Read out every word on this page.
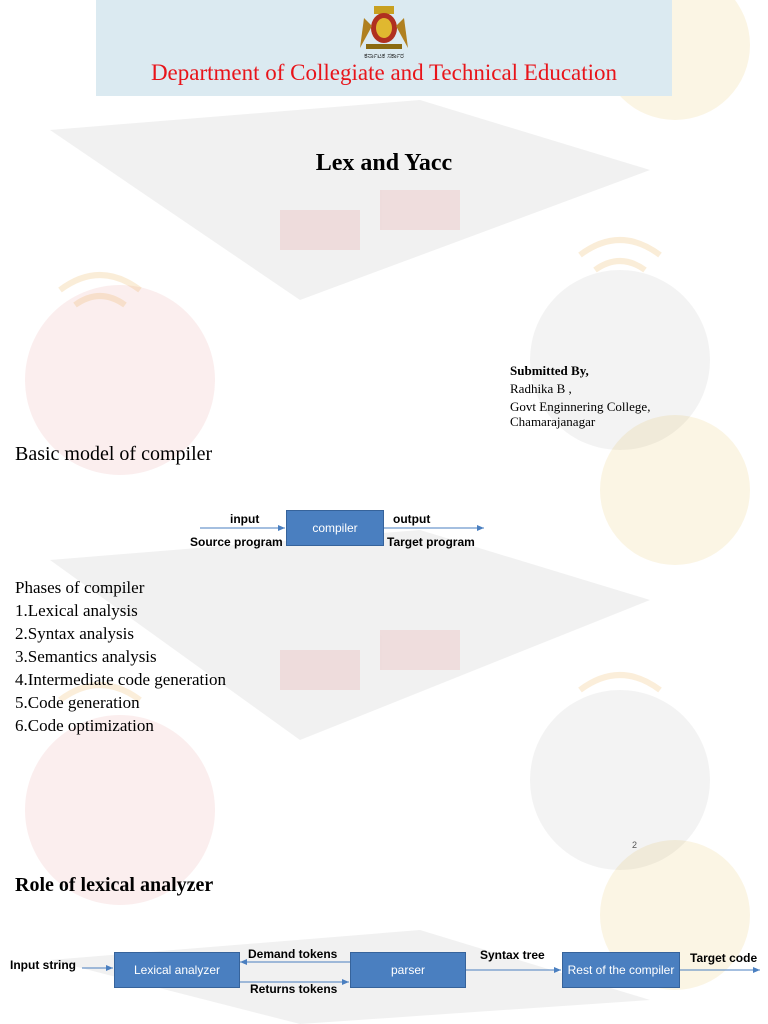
ಕರ್ನಾಟಕ ಸರ್ಕಾರ
Department of Collegiate and Technical Education
Lex and Yacc
Submitted By,
Radhika B ,
Govt Enginnering College,
Chamarajanagar
Basic model of compiler
input
Source program
compiler
output
Target program
Phases of compiler
1.Lexical analysis
2.Syntax analysis
3.Semantics analysis
4.Intermediate code generation
5.Code generation
6.Code optimization
2
Role of lexical analyzer
Input string	Lexical analyzer
Demand tokens
Returns tokens
parser
Syntax tree
Rest of the compiler
Target code
